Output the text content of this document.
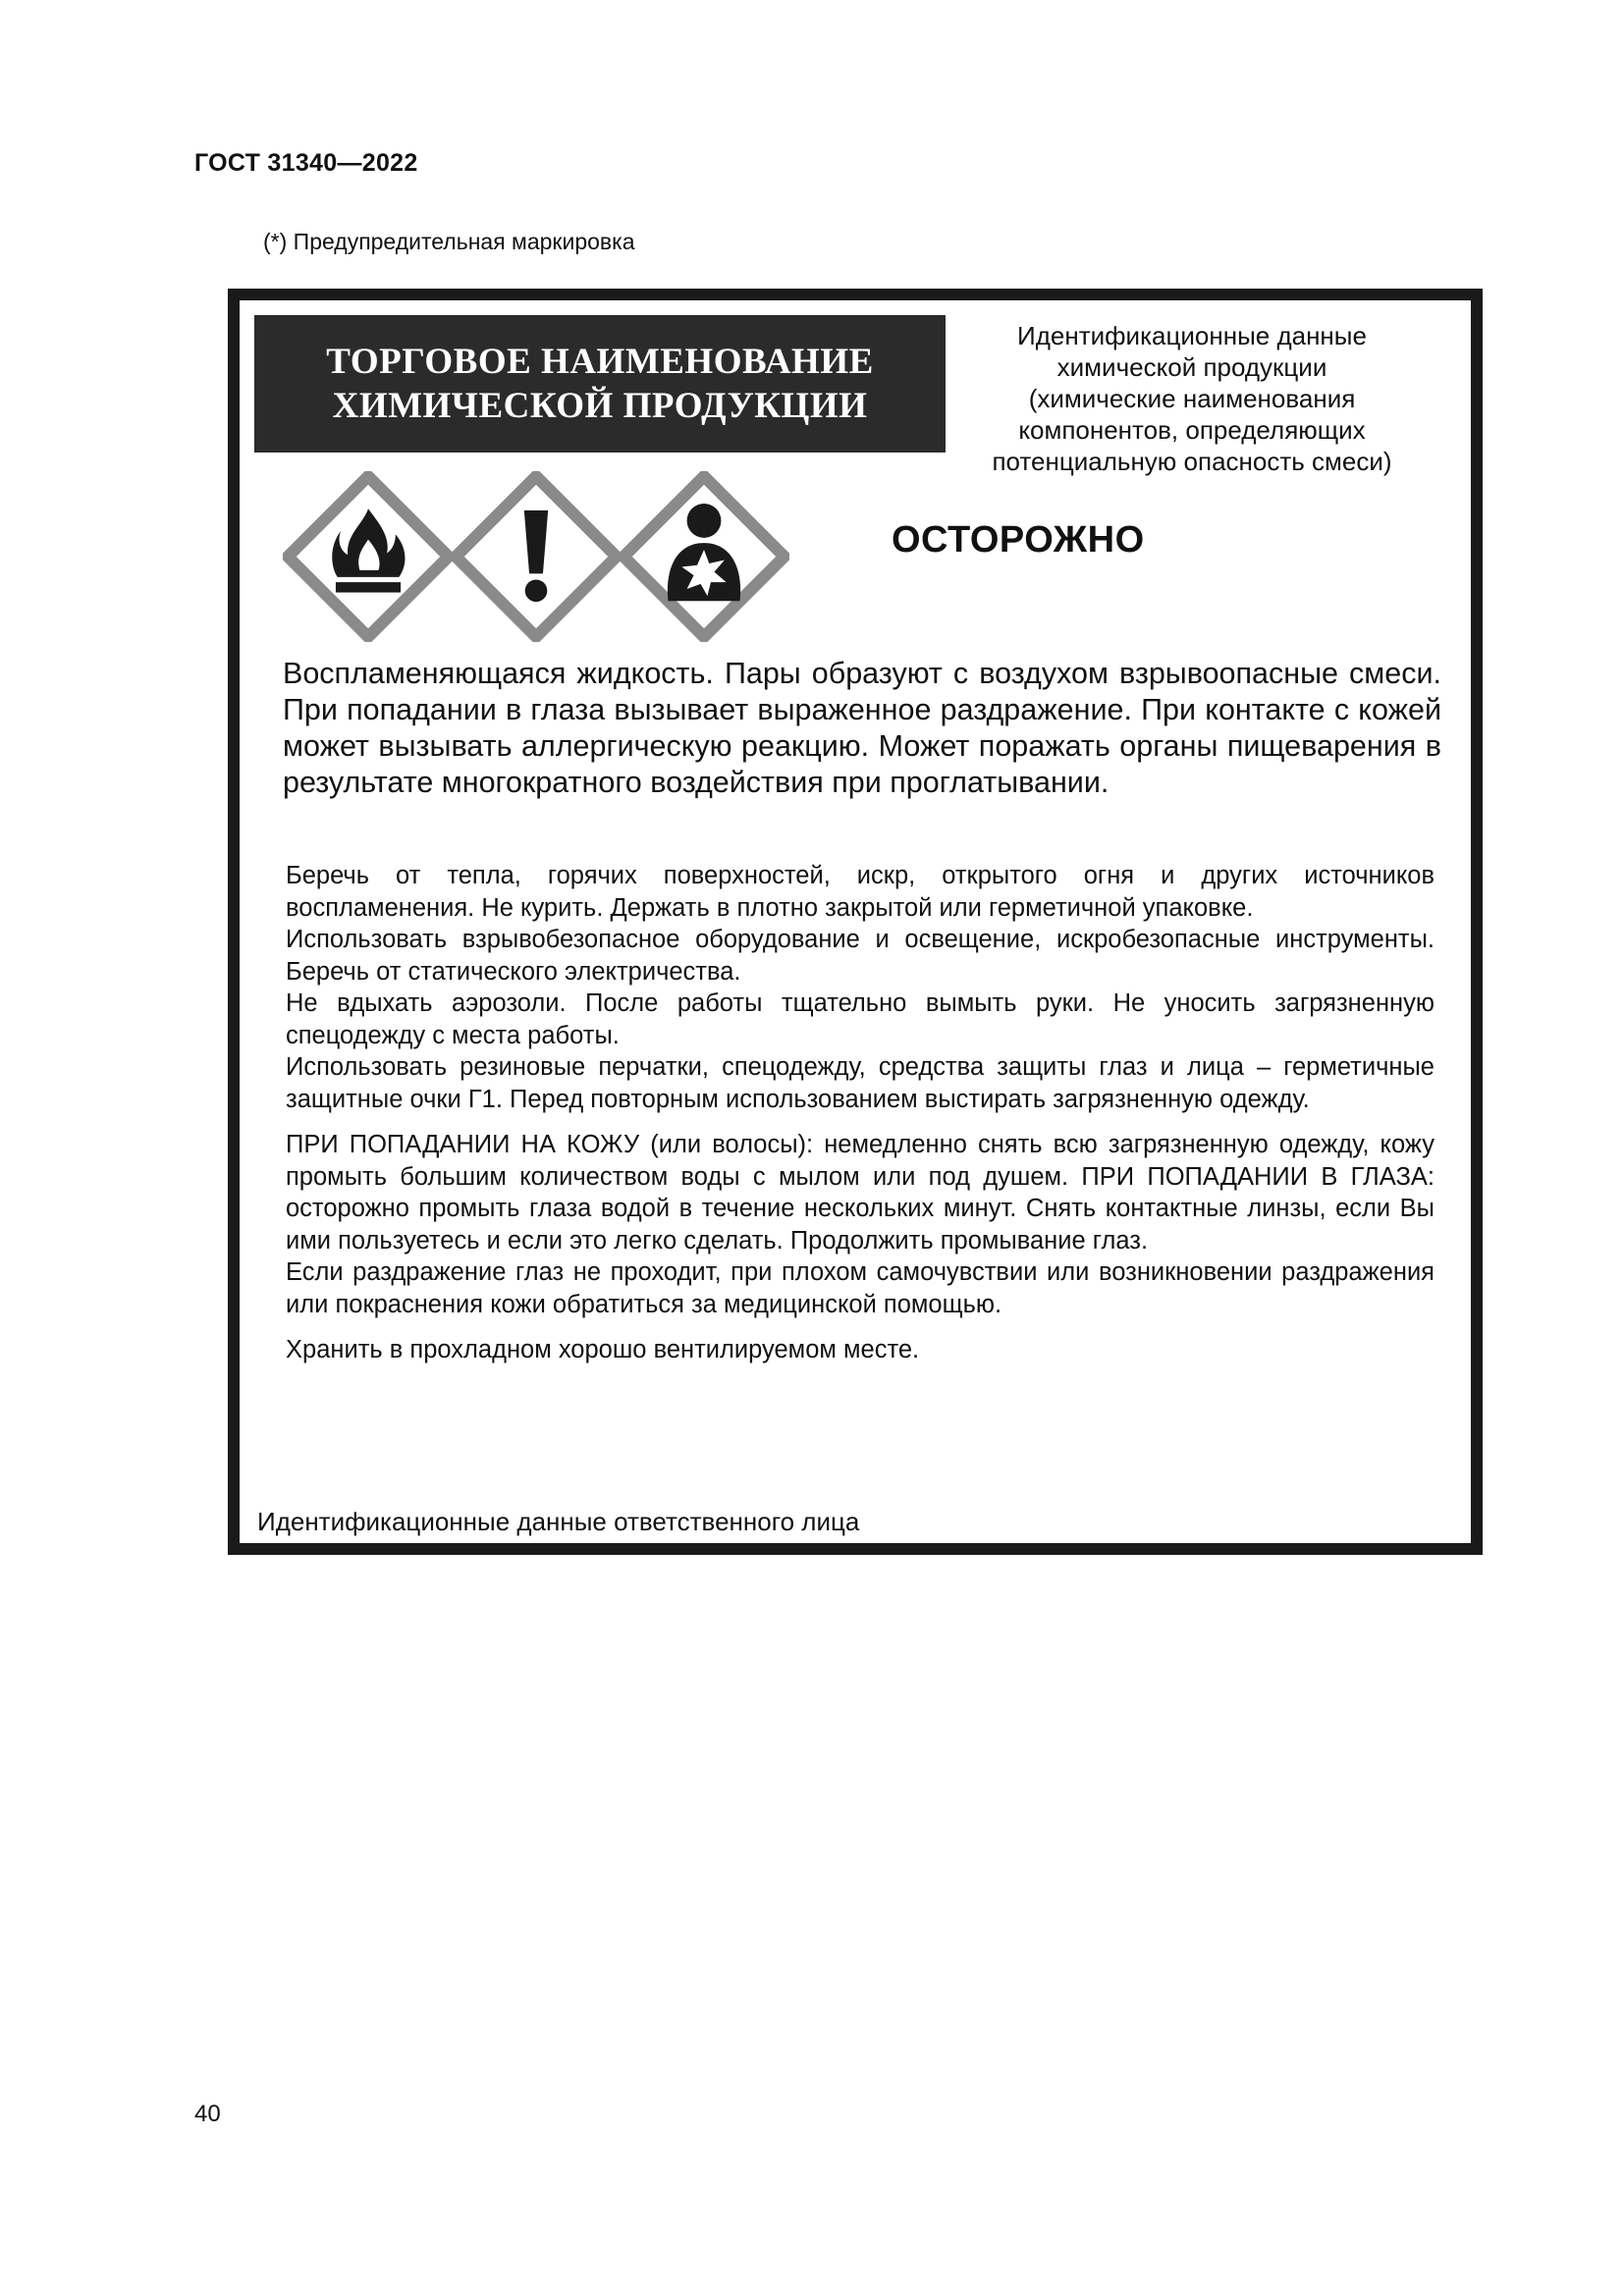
ГОСТ 31340—2022
(*) Предупредительная маркировка
ТОРГОВОЕ НАИМЕНОВАНИЕ
ХИМИЧЕСКОЙ ПРОДУКЦИИ
Идентификационные данные
химической продукции
(химические наименования
компонентов, определяющих
потенциальную опасность смеси)
ОСТОРОЖНО

Воспламеняющаяся жидкость. Пары образуют с воздухом взрывоопасные смеси. При попадании в глаза вызывает выраженное раздражение. При контакте с кожей может вызывать аллергическую реакцию. Может поражать органы пищеварения в результате многократного воздействия при проглатывании.

Беречь от тепла, горячих поверхностей, искр, открытого огня и других источников воспламенения. Не курить. Держать в плотно закрытой или герметичной упаковке.

Использовать взрывобезопасное оборудование и освещение, искробезопасные инструменты. Беречь от статического электричества.

Не вдыхать аэрозоли. После работы тщательно вымыть руки. Не уносить загрязненную спецодежду с места работы.

Использовать резиновые перчатки, спецодежду, средства защиты глаз и лица – герметичные защитные очки Г1. Перед повторным использованием выстирать загрязненную одежду.

ПРИ ПОПАДАНИИ НА КОЖУ (или волосы): немедленно снять всю загрязненную одежду, кожу промыть большим количеством воды с мылом или под душем. ПРИ ПОПАДАНИИ В ГЛАЗА: осторожно промыть глаза водой в течение нескольких минут. Снять контактные линзы, если Вы ими пользуетесь и если это легко сделать. Продолжить промывание глаз.

Если раздражение глаз не проходит, при плохом самочувствии или возникновении раздражения или покраснения кожи обратиться за медицинской помощью.

Хранить в прохладном хорошо вентилируемом месте.

Идентификационные данные ответственного лица
40
